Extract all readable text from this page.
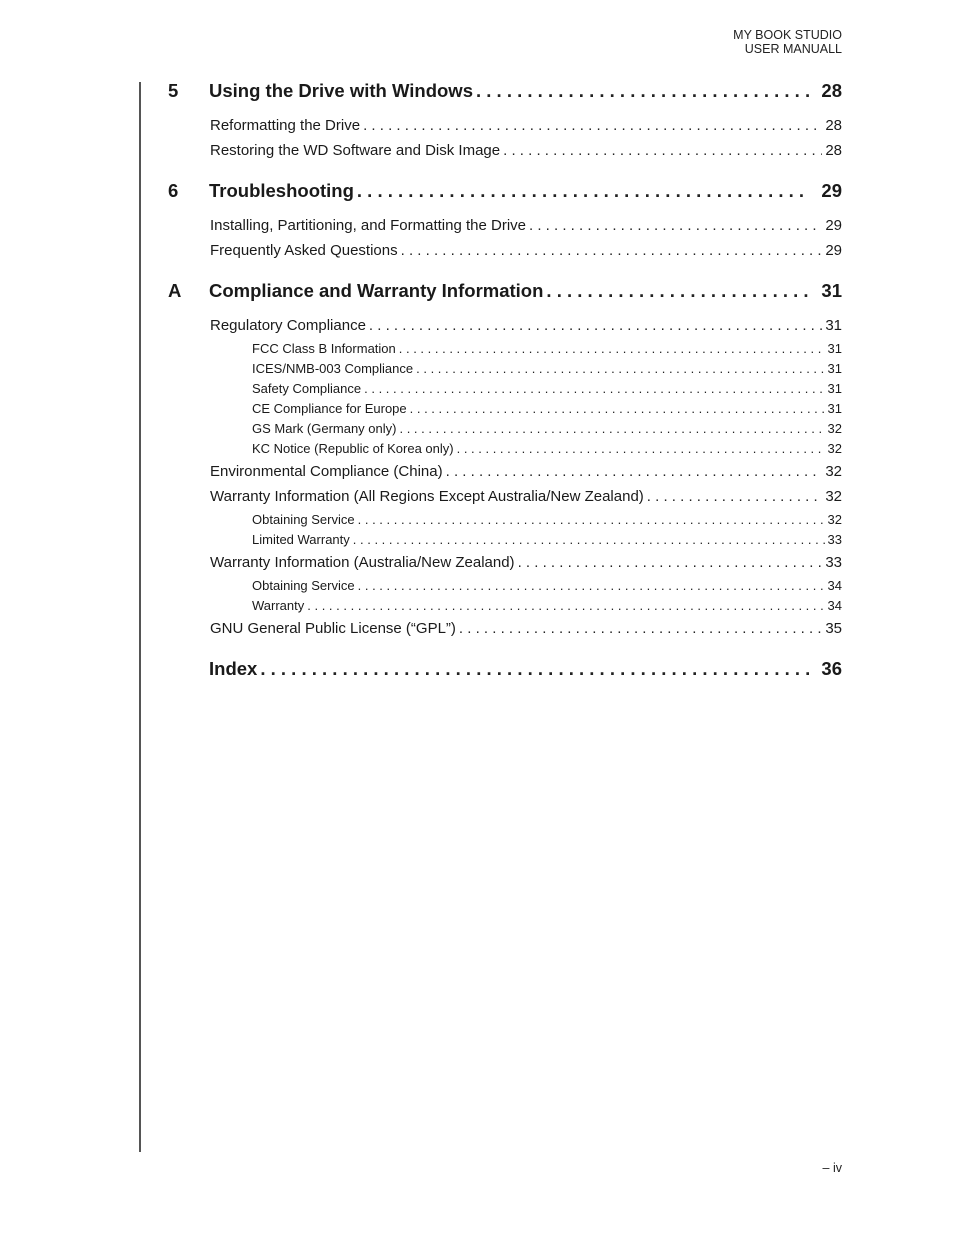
MY BOOK STUDIO
USER MANUALL
5	Using the Drive with Windows . . .	28
Reformatting the Drive . . .	28
Restoring the WD Software and Disk Image . . .	28
6	Troubleshooting . . .	29
Installing, Partitioning, and Formatting the Drive . . .	29
Frequently Asked Questions . . .	29
A	Compliance and Warranty Information . . .	31
Regulatory Compliance . . .	31
FCC Class B Information . . .	31
ICES/NMB-003 Compliance . . .	31
Safety Compliance . . .	31
CE Compliance for Europe . . .	31
GS Mark (Germany only) . . .	32
KC Notice (Republic of Korea only) . . .	32
Environmental Compliance (China) . . .	32
Warranty Information (All Regions Except Australia/New Zealand) . . .	32
Obtaining Service . . .	32
Limited Warranty . . .	33
Warranty Information (Australia/New Zealand) . . .	33
Obtaining Service . . .	34
Warranty . . .	34
GNU General Public License (“GPL”) . . .	35
Index . . .	36
– iv
